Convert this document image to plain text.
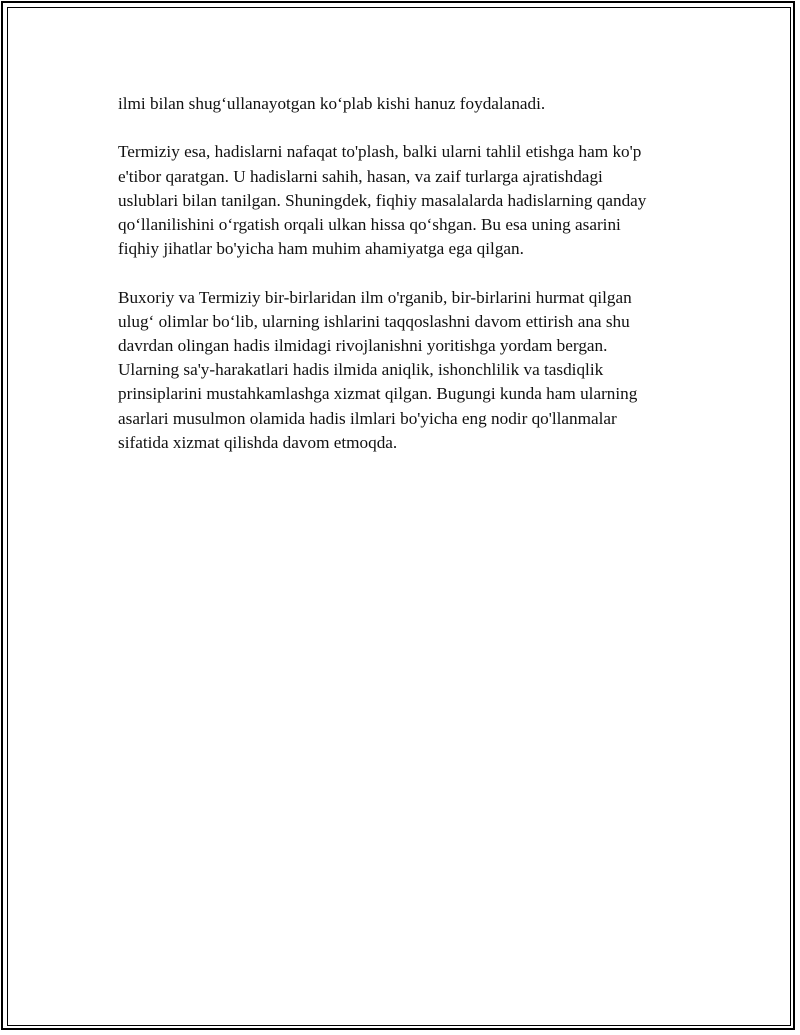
ilmi bilan shug‘ullanayotgan ko‘plab kishi hanuz foydalanadi.

Termiziy esa, hadislarni nafaqat to'plash, balki ularni tahlil etishga ham ko'p
e'tibor qaratgan. U hadislarni sahih, hasan, va zaif turlarga ajratishdagi
uslublari bilan tanilgan. Shuningdek, fiqhiy masalalarda hadislarning qanday
qo‘llanilishini o‘rgatish orqali ulkan hissa qo‘shgan. Bu esa uning asarini
fiqhiy jihatlar bo'yicha ham muhim ahamiyatga ega qilgan.

Buxoriy va Termiziy bir-birlaridan ilm o'rganib, bir-birlarini hurmat qilgan
ulug‘ olimlar bo‘lib, ularning ishlarini taqqoslashni davom ettirish ana shu
davrdan olingan hadis ilmidagi rivojlanishni yoritishga yordam bergan.
Ularning sa'y-harakatlari hadis ilmida aniqlik, ishonchlilik va tasdiqlik
prinsiplarini mustahkamlashga xizmat qilgan. Bugungi kunda ham ularning
asarlari musulmon olamida hadis ilmlari bo'yicha eng nodir qo'llanmalar
sifatida xizmat qilishda davom etmoqda.
